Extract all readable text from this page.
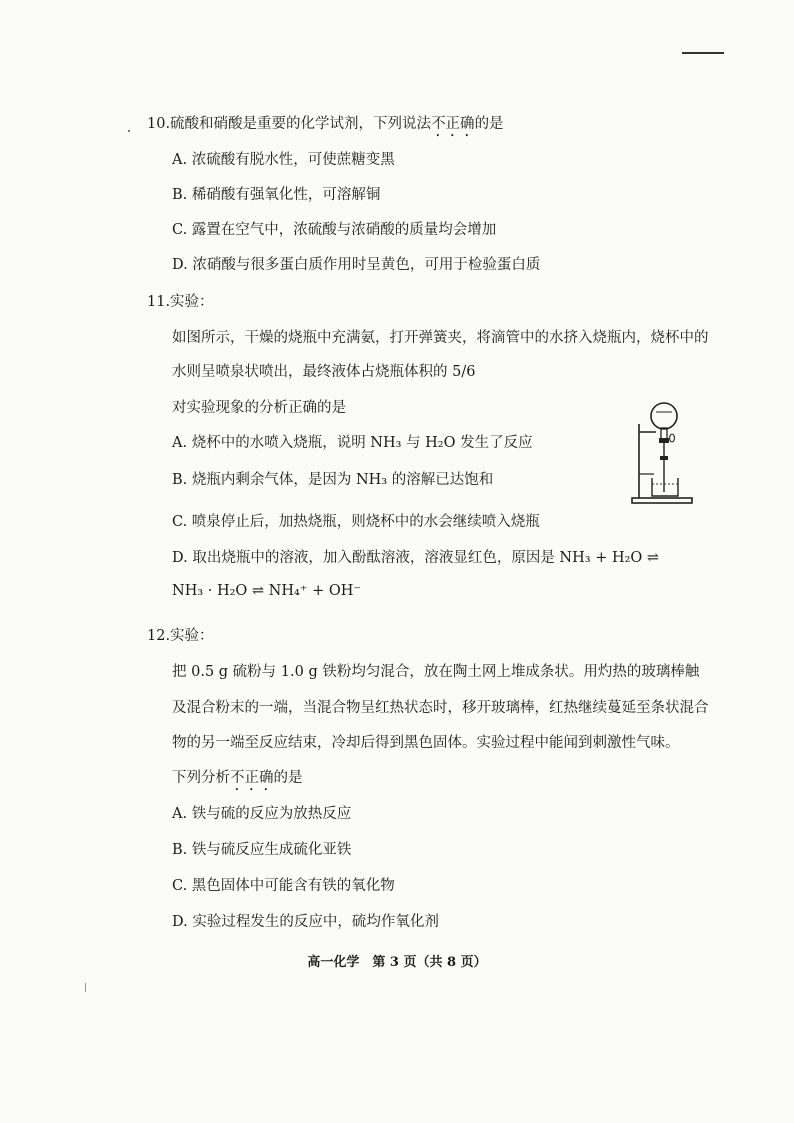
10.硫酸和硝酸是重要的化学试剂，下列说法不正确的是
A. 浓硫酸有脱水性，可使蔗糖变黑
B. 稀硝酸有强氧化性，可溶解铜
C. 露置在空气中，浓硫酸与浓硝酸的质量均会增加
D. 浓硝酸与很多蛋白质作用时呈黄色，可用于检验蛋白质
11.实验：
如图所示，干燥的烧瓶中充满氨，打开弹簧夹，将滴管中的水挤入烧瓶内，烧杯中的
水则呈喷泉状喷出，最终液体占烧瓶体积的 5/6
对实验现象的分析正确的是
A. 烧杯中的水喷入烧瓶，说明 NH₃ 与 H₂O 发生了反应
B. 烧瓶内剩余气体，是因为 NH₃ 的溶解已达饱和
C. 喷泉停止后，加热烧瓶，则烧杯中的水会继续喷入烧瓶
D. 取出烧瓶中的溶液，加入酚酞溶液，溶液显红色，原因是 NH₃ + H₂O ⇌
NH₃ · H₂O ⇌ NH₄⁺ + OH⁻
12.实验：
把 0.5 g 硫粉与 1.0 g 铁粉均匀混合，放在陶土网上堆成条状。用灼热的玻璃棒触
及混合粉末的一端，当混合物呈红热状态时，移开玻璃棒，红热继续蔓延至条状混合
物的另一端至反应结束，冷却后得到黑色固体。实验过程中能闻到刺激性气味。
下列分析不正确的是
A. 铁与硫的反应为放热反应
B. 铁与硫反应生成硫化亚铁
C. 黑色固体中可能含有铁的氧化物
D. 实验过程发生的反应中，硫均作氧化剂
高一化学　第 3 页（共 8 页）
